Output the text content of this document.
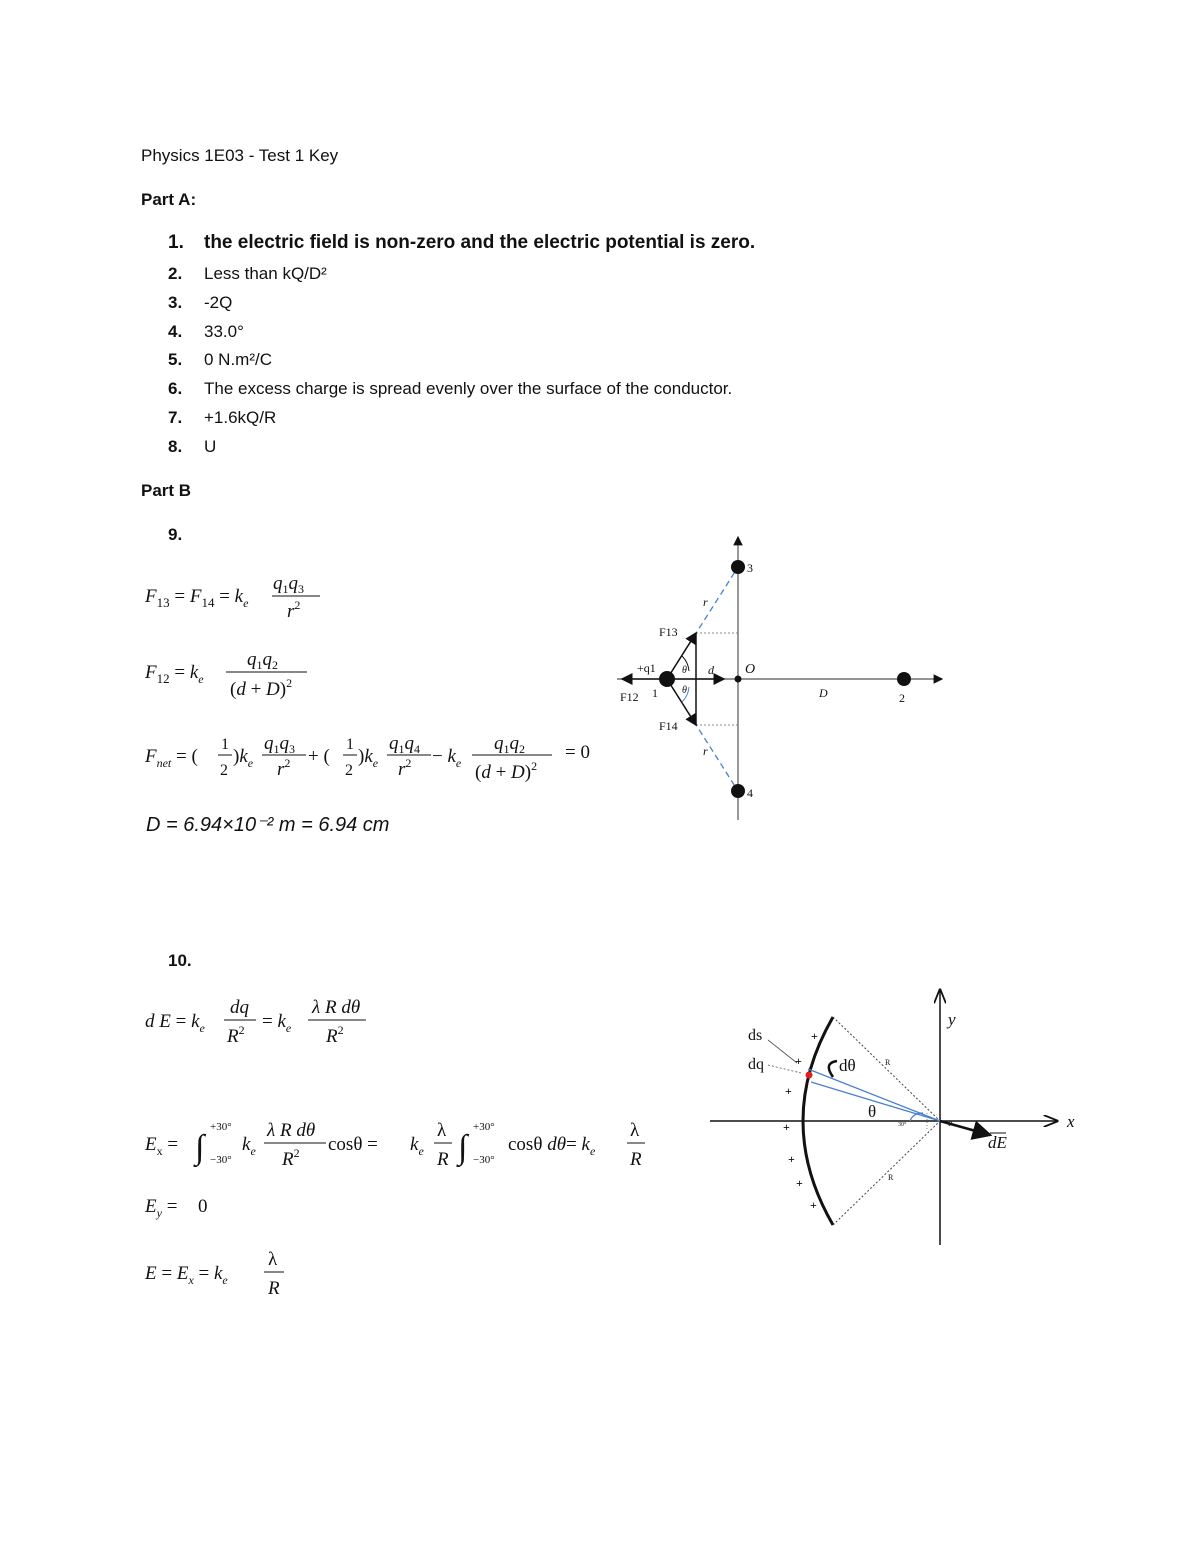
Physics 1E03 - Test 1 Key
Part A:
1. the electric field is non-zero and the electric potential is zero.
2. Less than kQ/D²
3. -2Q
4. 33.0°
5. 0 N.m²/C
6. The excess charge is spread evenly over the surface of the conductor.
7. +1.6kQ/R
8. U
Part B
9.
$F_{13} = F_{14} = k_e$
$q_1q_3$
$r^2$
$F_{12} = k_e$
$q_1q_2$
$(d + D)^2$
$F_{net}$ = (
1
2
)$k_e$
$q_1q_3$
$r^2$ + (
1
2
)$k_e$
$q_1q_4$
$r^2 - k_e$
$q_1q_2$
$(d + D)^2$
= 0
D = 6.94×10⁻² m = 6.94 cm
3
4
2
F13
F14
F12
+q1
1
d
D
O
r
r
θ
θ
10.
d $E = k_e$
dq
$R^2 = k_e$
λ R dθ
$R^2$
$E_x$ = ∫
+30°
−30°
$k_e$
λ R dθ
$R^2$ $\cos\theta = k_e$
λ
R ∫
+30°
−30°
cosθ $d\theta= k_e$
λ
R
$E_y = 0$
$E = E_x = k_e$
λ
R
+
+
+
+
+
+
+
ds
dq	dθ
θ
y
x
dE
R
R
P
30°
